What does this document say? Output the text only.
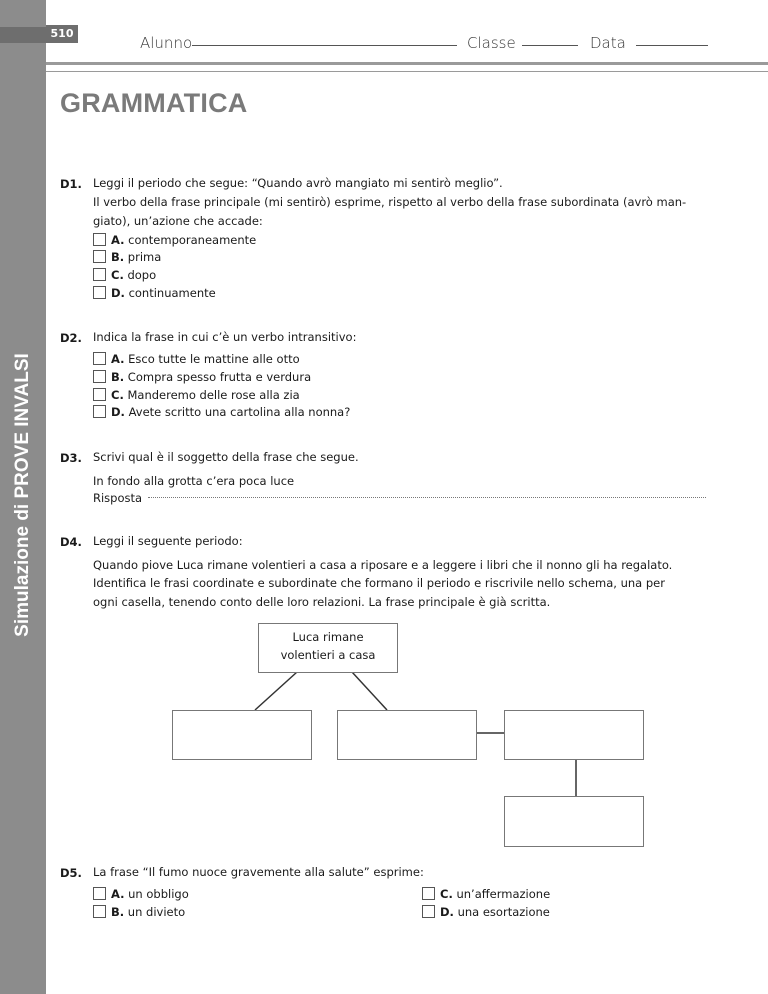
510
Simulazione di PROVE INVALSI
Alunno	Classe	Data
GRAMMATICA
D1. Leggi il periodo che segue: “Quando avrò mangiato mi sentirò meglio”.
Il verbo della frase principale (mi sentirò) esprime, rispetto al verbo della frase subordinata (avrò man-
giato), un’azione che accade:
A. contemporaneamente
B. prima
C. dopo
D. continuamente
D2. Indica la frase in cui c’è un verbo intransitivo:
A. Esco tutte le mattine alle otto
B. Compra spesso frutta e verdura
C. Manderemo delle rose alla zia
D. Avete scritto una cartolina alla nonna?
D3. Scrivi qual è il soggetto della frase che segue.
In fondo alla grotta c’era poca luce
Risposta
D4. Leggi il seguente periodo:
Quando piove Luca rimane volentieri a casa a riposare e a leggere i libri che il nonno gli ha regalato.
Identifica le frasi coordinate e subordinate che formano il periodo e riscrivile nello schema, una per
ogni casella, tenendo conto delle loro relazioni. La frase principale è già scritta.
Luca rimane
volentieri a casa
D5. La frase “Il fumo nuoce gravemente alla salute” esprime:
A. un obbligo
B. un divieto
C. un’affermazione
D. una esortazione
